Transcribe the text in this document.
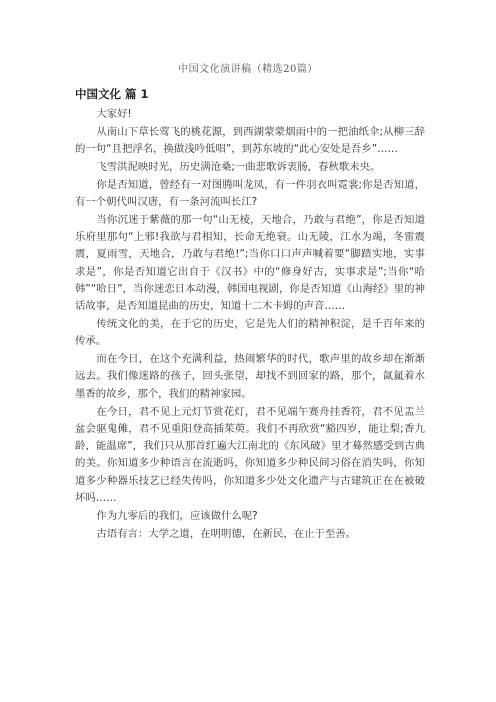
中国文化演讲稿（精选20篇）
中国文化 篇 1

大家好!

从南山下草长莺飞的桃花源，到西湖蒙蒙烟雨中的一把油纸伞;从柳三辞的一句“且把浮名，换做浅吟低唱”，到苏东坡的“此心安处是吾乡”……

飞雪洪泥映时光，历史满沧桑;一曲悲歌诉衷肠，春秋歌未央。

你是否知道，曾经有一对图腾叫龙凤，有一件羽衣叫霓裳;你是否知道，有一个朝代叫汉唐，有一条河流叫长江?

当你沉迷于紫薇的那一句“山无棱，天地合，乃敢与君绝”，你是否知道乐府里那句“上邪!我欲与君相知，长命无绝衰。山无陵，江水为竭，冬雷震震，夏雨雪，天地合，乃敢与君绝!”;当你口口声声喊着要“脚踏实地，实事求是”，你是否知道它出自于《汉书》中的“修身好古，实事求是”;当你“哈韩”“哈日”，当你迷恋日本动漫，韩国电视剧，你是否知道《山海经》里的神话故事，是否知道昆曲的历史，知道十二木卡姆的声音……

传统文化的美，在于它的历史，它是先人们的精神积淀，是千百年来的传承。

而在今日，在这个充满利益，热闹繁华的时代，歌声里的故乡却在渐渐远去。我们像迷路的孩子，回头张望，却找不到回家的路，那个，氤氲着水墨香的故乡，那个，我们的精神家园。

在今日，君不见上元灯节赏花灯，君不见端午赛舟挂香符，君不见盂兰盆会驱鬼傩，君不见重阳登高插茱萸。我们不再欣赏“豁四岁，能让梨;香九龄，能温席”，我们只从那首红遍大江南北的《东风破》里才蓦然感受到古典的美。你知道多少种语言在流逝吗，你知道多少种民间习俗在消失吗，你知道多少种器乐技艺已经失传吗，你知道多少处文化遗产与古建筑正在在被破坏吗……

作为九零后的我们，应该做什么呢?

古语有言：大学之道，在明明德，在新民，在止于至善。
